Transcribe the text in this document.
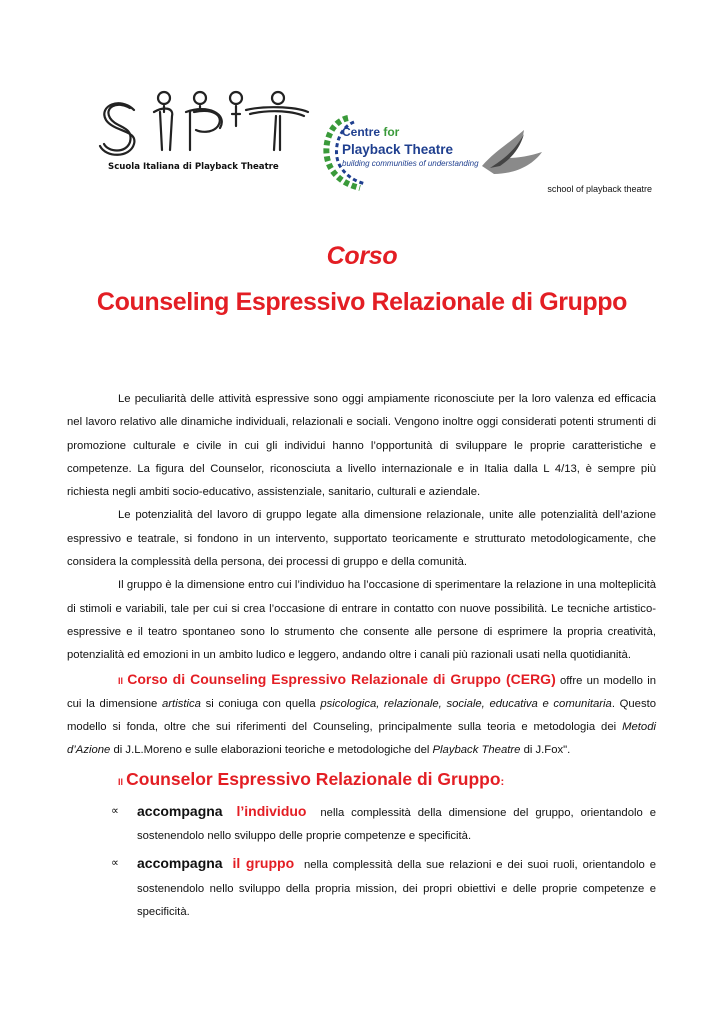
Scuola Italiana di Playback Theatre
Centre for
Playback Theatre
building communities of understanding
school of playback theatre
Corso
Counseling Espressivo Relazionale di Gruppo

Le peculiarità delle attività espressive sono oggi ampiamente riconosciute per la loro valenza ed efficacia nel lavoro relativo alle dinamiche individuali, relazionali e sociali. Vengono inoltre oggi considerati potenti strumenti di promozione culturale e civile in cui gli individui hanno l’opportunità di sviluppare le proprie caratteristiche e competenze. La figura del Counselor, riconosciuta a livello internazionale e in Italia dalla L 4/13, è sempre più richiesta negli ambiti socio-educativo, assistenziale, sanitario, culturali e aziendale.

Le potenzialità del lavoro di gruppo legate alla dimensione relazionale, unite alle potenzialità dell’azione espressivo e teatrale, si fondono in un intervento, supportato teoricamente e strutturato metodologicamente, che considera la complessità della persona, dei processi di gruppo e della comunità.

Il gruppo è la dimensione entro cui l’individuo ha l’occasione di sperimentare la relazione in una molteplicità di stimoli e variabili, tale per cui si crea l’occasione di entrare in contatto con nuove possibilità. Le tecniche artistico-espressive e il teatro spontaneo sono lo strumento che consente alle persone di esprimere la propria creatività, potenzialità ed emozioni in un ambito ludico e leggero, andando oltre i canali più razionali usati nella quotidianità.

Il Corso di Counseling Espressivo Relazionale di Gruppo (CERG) offre un modello in cui la dimensione artistica si coniuga con quella psicologica, relazionale, sociale, educativa e comunitaria. Questo modello si fonda, oltre che sui riferimenti del Counseling, principalmente sulla teoria e metodologia dei Metodi d’Azione di J.L.Moreno e sulle elaborazioni teoriche e metodologiche del Playback Theatre di J.Fox".

Il Counselor Espressivo Relazionale di Gruppo:

∝ accompagna l’individuo nella complessità della dimensione del gruppo, orientandolo e sostenendolo nello sviluppo delle proprie competenze e specificità.
∝ accompagna il gruppo nella complessità della sue relazioni e dei suoi ruoli, orientandolo e sostenendolo nello sviluppo della propria mission, dei propri obiettivi e delle proprie competenze e specificità.
